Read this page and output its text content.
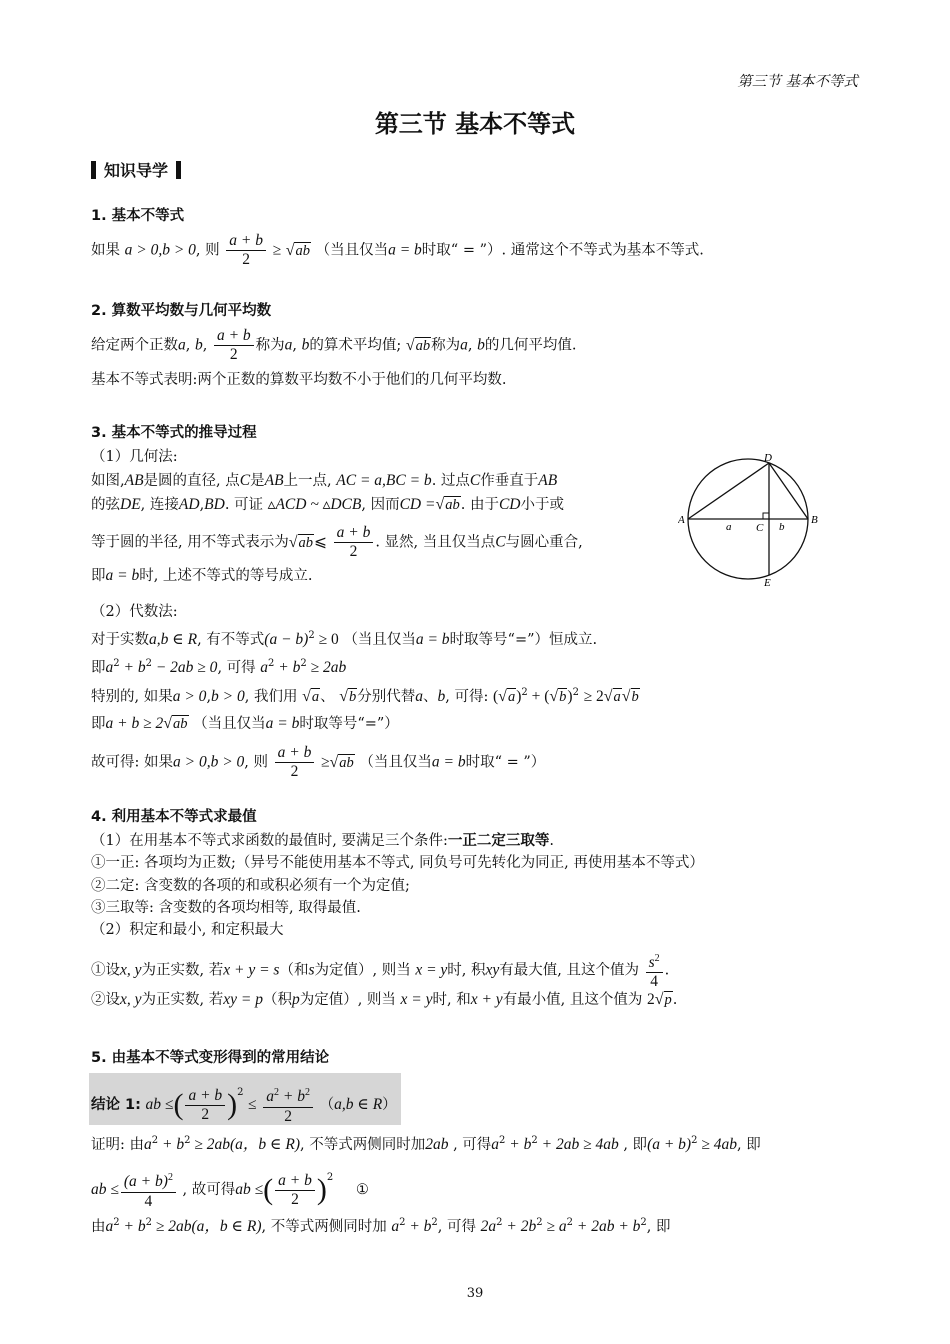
第三节 基本不等式
第三节 基本不等式
知识导学
1. 基本不等式
如果 a > 0,b > 0, 则 $\frac{a + b}{2} \ge √ab$ （当且仅当a = b时取“ = ”）. 通常这个不等式为基本不等式.
2. 算数平均数与几何平均数
给定两个正数a, b, $\frac{a + b}{2}$ 称为a, b的算术平均值; √ab称为a, b的几何平均值.
基本不等式表明:两个正数的算数平均数不小于他们的几何平均数.
3. 基本不等式的推导过程
（1）几何法:
如图,AB是圆的直径, 点C是AB上一点, AC = a,BC = b. 过点C作垂直于AB
的弦DE, 连接AD,BD. 可证 ▵ACD ~ ▵DCB, 因而CD =√ab. 由于CD小于或
等于圆的半径, 用不等式表示为√ab⩽ $\frac{a + b}{2}$ . 显然, 当且仅当点C与圆心重合,
即a = b时, 上述不等式的等号成立.
A	B
C
D
E
a	b
（2）代数法:
对于实数a,b ∈ R, 有不等式$(a - b)^2 \ge 0$ （当且仅当a = b时取等号“=”）恒成立.
即$a^2 + b^2 - 2ab \ge 0$, 可得 $a^2 + b^2 \ge 2ab$
特别的, 如果a > 0,b > 0, 我们用 √a、 √b分别代替a、b, 可得: $(√a)^2 + (√b)^2 \ge 2√a√b$
即a + b ≥ 2√ab （当且仅当a = b时取等号“=”）
故可得: 如果a > 0,b > 0, 则 $\frac{a + b}{2} \ge√ab$ （当且仅当a = b时取“ = ”）
4. 利用基本不等式求最值
（1）在用基本不等式求函数的最值时, 要满足三个条件:一正二定三取等.
①一正: 各项均为正数;（异号不能使用基本不等式, 同负号可先转化为同正, 再使用基本不等式）
②二定: 含变数的各项的和或积必须有一个为定值;
③三取等: 含变数的各项均相等, 取得最值.
（2）积定和最小, 和定积最大
①设x, y为正实数, 若x + y = s（和s为定值）, 则当 x = y时, 积xy有最大值, 且这个值为 $\frac{s^2}{4}$ .
②设x, y为正实数, 若xy = p（积p为定值）, 则当 x = y时, 和x + y有最小值, 且这个值为 2√p.
5. 由基本不等式变形得到的常用结论
结论 1: ab ≤( $\frac{a + b}{2} )^2 \le \frac{a^2 + b^2}{2} (a,b$ ∈ R）
证明: 由$a^2 + b^2 \ge 2ab(a$，b ∈ R), 不等式两侧同时加2ab , 可得$a^2 + b^2 + 2ab \ge 4ab$ , 即$(a + b)^2 \ge 4ab$, 即
ab ≤ $\frac{(a + b)^2}{4}$ , 故可得ab ≤( $\frac{a + b}{2} )^2$ ①
由$a^2 + b^2 \ge 2ab(a$，b ∈ R), 不等式两侧同时加 $a^2 + b^2$, 可得 $2a^2 + 2b^2 \ge a^2 + 2ab + b^2$, 即
39
